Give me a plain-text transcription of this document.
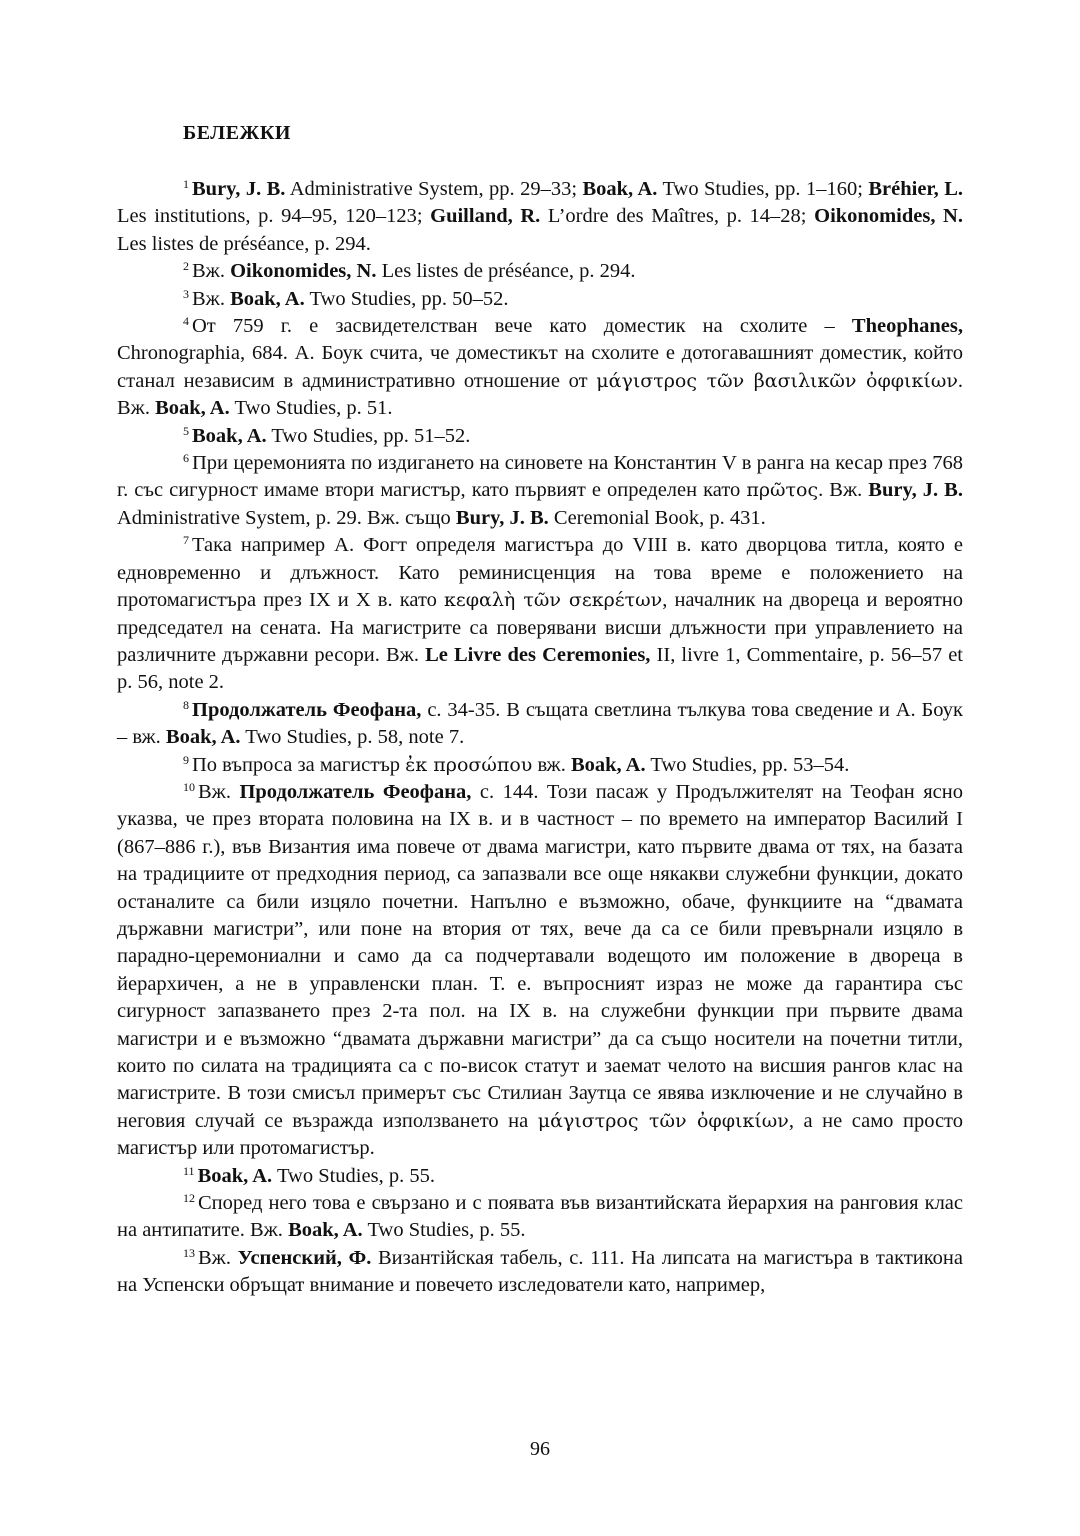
БЕЛЕЖКИ

$^1$ Bury, J. B. Administrative System, pp. 29–33; Boak, A. Two Studies, pp. 1–160; Bréhier, L. Les institutions, p. 94–95, 120–123; Guilland, R. L’ordre des Maîtres, p. 14–28; Oikonomides, N. Les listes de préséance, p. 294.

$^2$ Вж. Oikonomides, N. Les listes de préséance, p. 294.

$^3$ Вж. Boak, A. Two Studies, pp. 50–52.

$^4$ От 759 г. е засвидетелстван вече като доместик на схолите – Theophanes, Chronographia, 684. А. Боук счита, че доместикът на схолите е дотогавашният доместик, който станал независим в административно отношение от μάγιστρος τῶν βασιλικῶν ὀφφικίων. Вж. Boak, A. Two Studies, p. 51.

$^5$ Boak, A. Two Studies, pp. 51–52.

$^6$ При церемонията по издигането на синовете на Константин V в ранга на кесар през 768 г. със сигурност имаме втори магистър, като първият е определен като πρῶτος. Вж. Bury, J. B. Administrative System, p. 29. Вж. също Bury, J. B. Ceremonial Book, p. 431.

$^7$ Така например А. Фогт определя магистъра до VIII в. като дворцова титла, която е едновременно и длъжност. Като реминисценция на това време е положението на протомагистъра през IX и X в. като κεφαλὴ τῶν σεκρέτων, началник на двореца и вероятно председател на сената. На магистрите са поверявани висши длъжности при управлението на различните държавни ресори. Вж. Le Livre des Ceremonies, II, livre 1, Commentaire, p. 56–57 et p. 56, note 2.

$^8$ Продолжатель Феофана, с. 34-35. В същата светлина тълкува това сведение и А. Боук – вж. Boak, A. Two Studies, p. 58, note 7.

$^9$ По въпроса за магистър ἐκ προσώπου вж. Boak, A. Two Studies, pp. 53–54.

$^{10}$ Вж. Продолжатель Феофана, с. 144. Този пасаж у Продължителят на Теофан ясно указва, че през втората половина на IX в. и в частност – по времето на император Василий I (867–886 г.), във Византия има повече от двама магистри, като първите двама от тях, на базата на традициите от предходния период, са запазвали все още някакви служебни функции, докато останалите са били изцяло почетни. Напълно е възможно, обаче, функциите на “двамата държавни магистри”, или поне на втория от тях, вече да са се били превърнали изцяло в парадно-церемониални и само да са подчертавали водещото им положение в двореца в йерархичен, а не в управленски план. Т. е. въпросният израз не може да гарантира със сигурност запазването през 2-та пол. на IX в. на служебни функции при първите двама магистри и е възможно “двамата държавни магистри” да са също носители на почетни титли, които по силата на традицията са с по-висок статут и заемат челото на висшия рангов клас на магистрите. В този смисъл примерът със Стилиан Заутца се явява изключение и не случайно в неговия случай се възражда използването на μάγιστρος τῶν ὀφφικίων, а не само просто магистър или протомагистър.

$^{11}$ Boak, A. Two Studies, p. 55.

$^{12}$ Според него това е свързано и с появата във византийската йерархия на ранговия клас на антипатите. Вж. Boak, A. Two Studies, p. 55.

$^{13}$ Вж. Успенский, Ф. Византiйская табель, с. 111. На липсата на магистъра в тактикона на Успенски обръщат внимание и повечето изследователи като, например,

96
